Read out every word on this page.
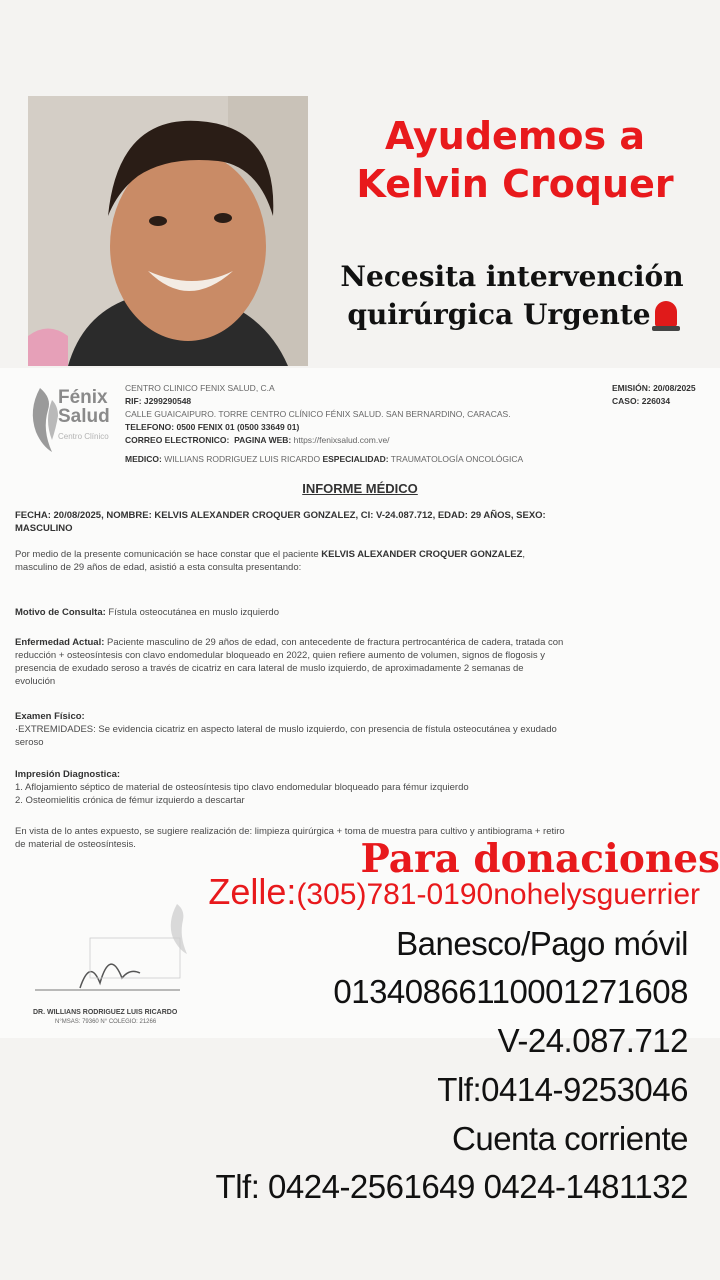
Ayudemos a
Kelvin Croquer
Necesita intervención
quirúrgica Urgente
Fénix
Salud
Centro Clínico
CENTRO CLINICO FENIX SALUD, C.A
RIF: J299290548
CALLE GUAICAIPURO. TORRE CENTRO CLÍNICO FÉNIX SALUD. SAN BERNARDINO, CARACAS.
TELEFONO: 0500 FENIX 01 (0500 33649 01)
CORREO ELECTRONICO: PAGINA WEB: https://fenixsalud.com.ve/
MEDICO: WILLIANS RODRIGUEZ LUIS RICARDO ESPECIALIDAD: TRAUMATOLOGÍA ONCOLÓGICA
EMISIÓN: 20/08/2025
CASO: 226034
INFORME MÉDICO
FECHA: 20/08/2025, NOMBRE: KELVIS ALEXANDER CROQUER GONZALEZ, CI: V-24.087.712, EDAD: 29 AÑOS, SEXO:
MASCULINO
Por medio de la presente comunicación se hace constar que el paciente KELVIS ALEXANDER CROQUER GONZALEZ,
masculino de 29 años de edad, asistió a esta consulta presentando:
Motivo de Consulta: Fístula osteocutánea en muslo izquierdo
Enfermedad Actual: Paciente masculino de 29 años de edad, con antecedente de fractura pertrocantérica de cadera, tratada con
reducción + osteosíntesis con clavo endomedular bloqueado en 2022, quien refiere aumento de volumen, signos de flogosis y
presencia de exudado seroso a través de cicatriz en cara lateral de muslo izquierdo, de aproximadamente 2 semanas de
evolución
Examen Físico:
·EXTREMIDADES: Se evidencia cicatriz en aspecto lateral de muslo izquierdo, con presencia de fístula osteocutánea y exudado
seroso
Impresión Diagnostica:
1. Aflojamiento séptico de material de osteosíntesis tipo clavo endomedular bloqueado para fémur izquierdo
2. Osteomielitis crónica de fémur izquierdo a descartar
En vista de lo antes expuesto, se sugiere realización de: limpieza quirúrgica + toma de muestra para cultivo y antibiograma + retiro
de material de osteosíntesis.
DR. WILLIANS RODRIGUEZ LUIS RICARDO
N°MSAS: 79360 N° COLEGIO: 21266
Para donaciones
Zelle:(305)781-0190nohelysguerrier
Banesco/Pago móvil
01340866110001271608
V-24.087.712
Tlf:0414-9253046
Cuenta corriente
Tlf: 0424-2561649 0424-1481132
